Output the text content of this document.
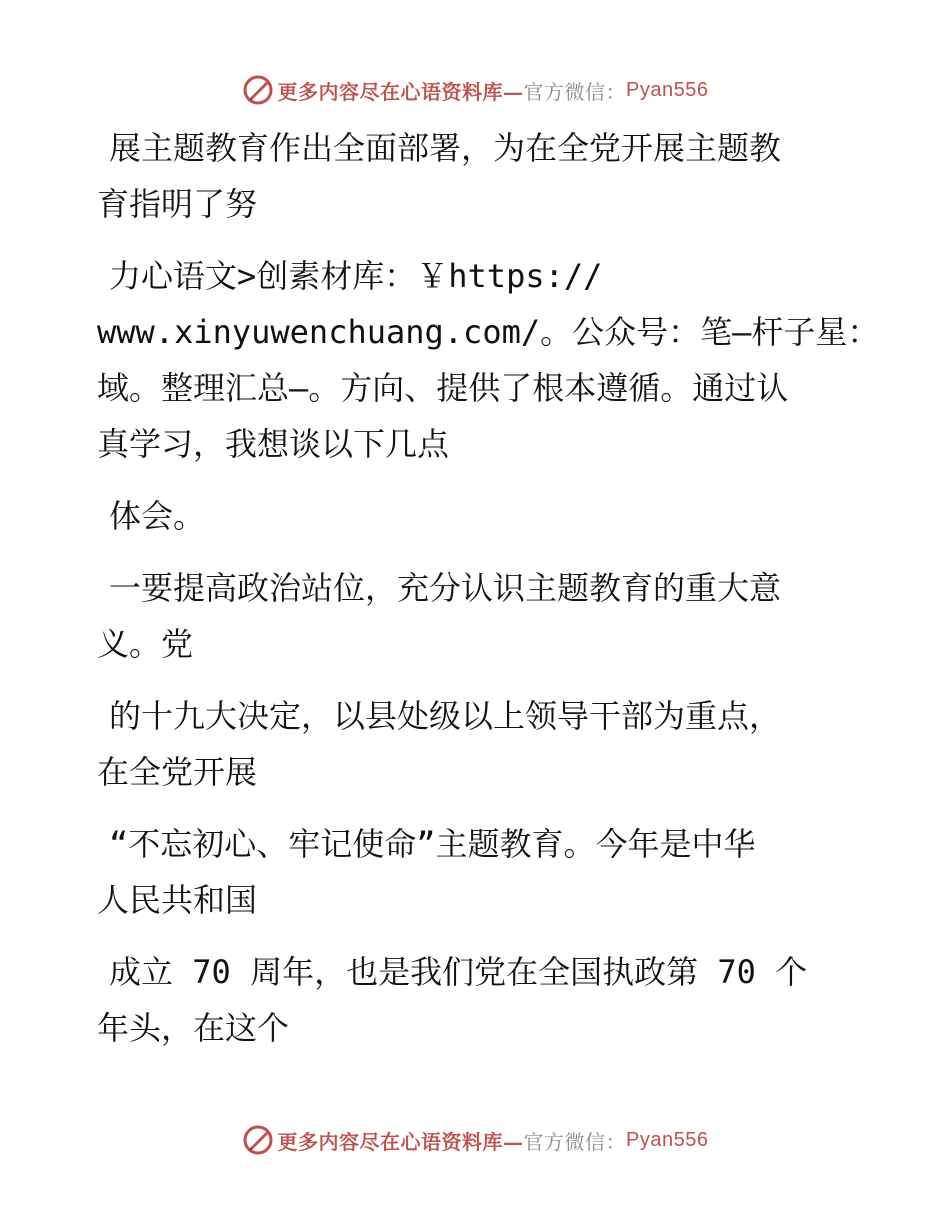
更多内容尽在心语资料库— 官方微信： Pyan556

展主题教育作出全面部署，为在全党开展主题教
育指明了努

力心语文>创素材库：￥https://
www.xinyuwenchuang.com/。公众号：笔—杆子星：
域。整理汇总—。方向、提供了根本遵循。通过认
真学习，我想谈以下几点

体会。

一要提高政治站位，充分认识主题教育的重大意
义。党

的十九大决定，以县处级以上领导干部为重点，
在全党开展

“不忘初心、牢记使命”主题教育。今年是中华
人民共和国

成立 70 周年，也是我们党在全国执政第 70 个
年头，在这个

更多内容尽在心语资料库— 官方微信： Pyan556
